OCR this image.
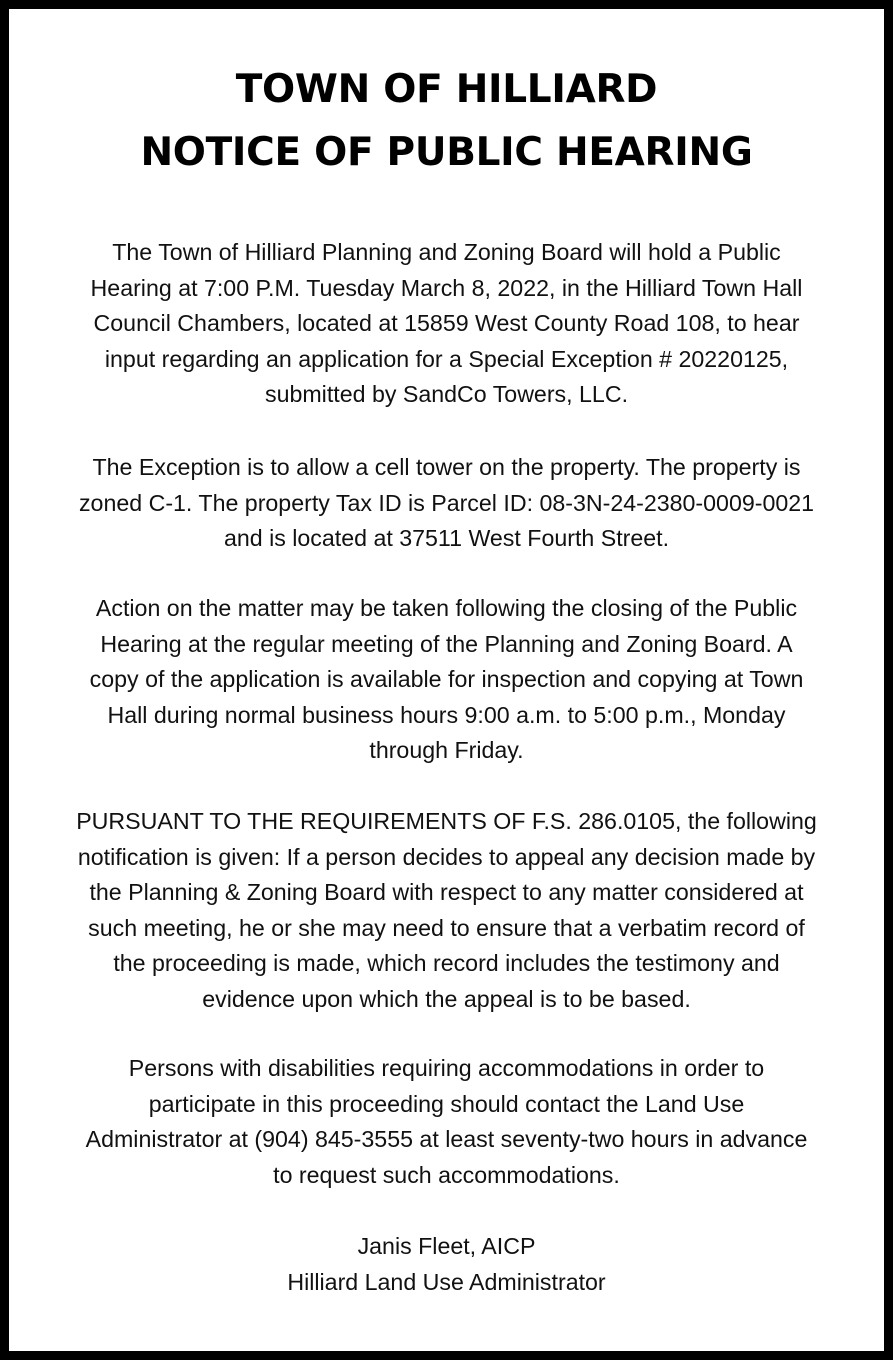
TOWN OF HILLIARD
NOTICE OF PUBLIC HEARING
The Town of Hilliard Planning and Zoning Board will hold a Public
Hearing at 7:00 P.M. Tuesday March 8, 2022, in the Hilliard Town Hall
Council Chambers, located at 15859 West County Road 108, to hear
input regarding an application for a Special Exception # 20220125,
submitted by SandCo Towers, LLC.
The Exception is to allow a cell tower on the property. The property is
zoned C-1. The property Tax ID is Parcel ID: 08-3N-24-2380-0009-0021
and is located at 37511 West Fourth Street.
Action on the matter may be taken following the closing of the Public
Hearing at the regular meeting of the Planning and Zoning Board. A
copy of the application is available for inspection and copying at Town
Hall during normal business hours 9:00 a.m. to 5:00 p.m., Monday
through Friday.
PURSUANT TO THE REQUIREMENTS OF F.S. 286.0105, the following
notification is given: If a person decides to appeal any decision made by
the Planning & Zoning Board with respect to any matter considered at
such meeting, he or she may need to ensure that a verbatim record of
the proceeding is made, which record includes the testimony and
evidence upon which the appeal is to be based.
Persons with disabilities requiring accommodations in order to
participate in this proceeding should contact the Land Use
Administrator at (904) 845-3555 at least seventy-two hours in advance
to request such accommodations.
Janis Fleet, AICP
Hilliard Land Use Administrator
